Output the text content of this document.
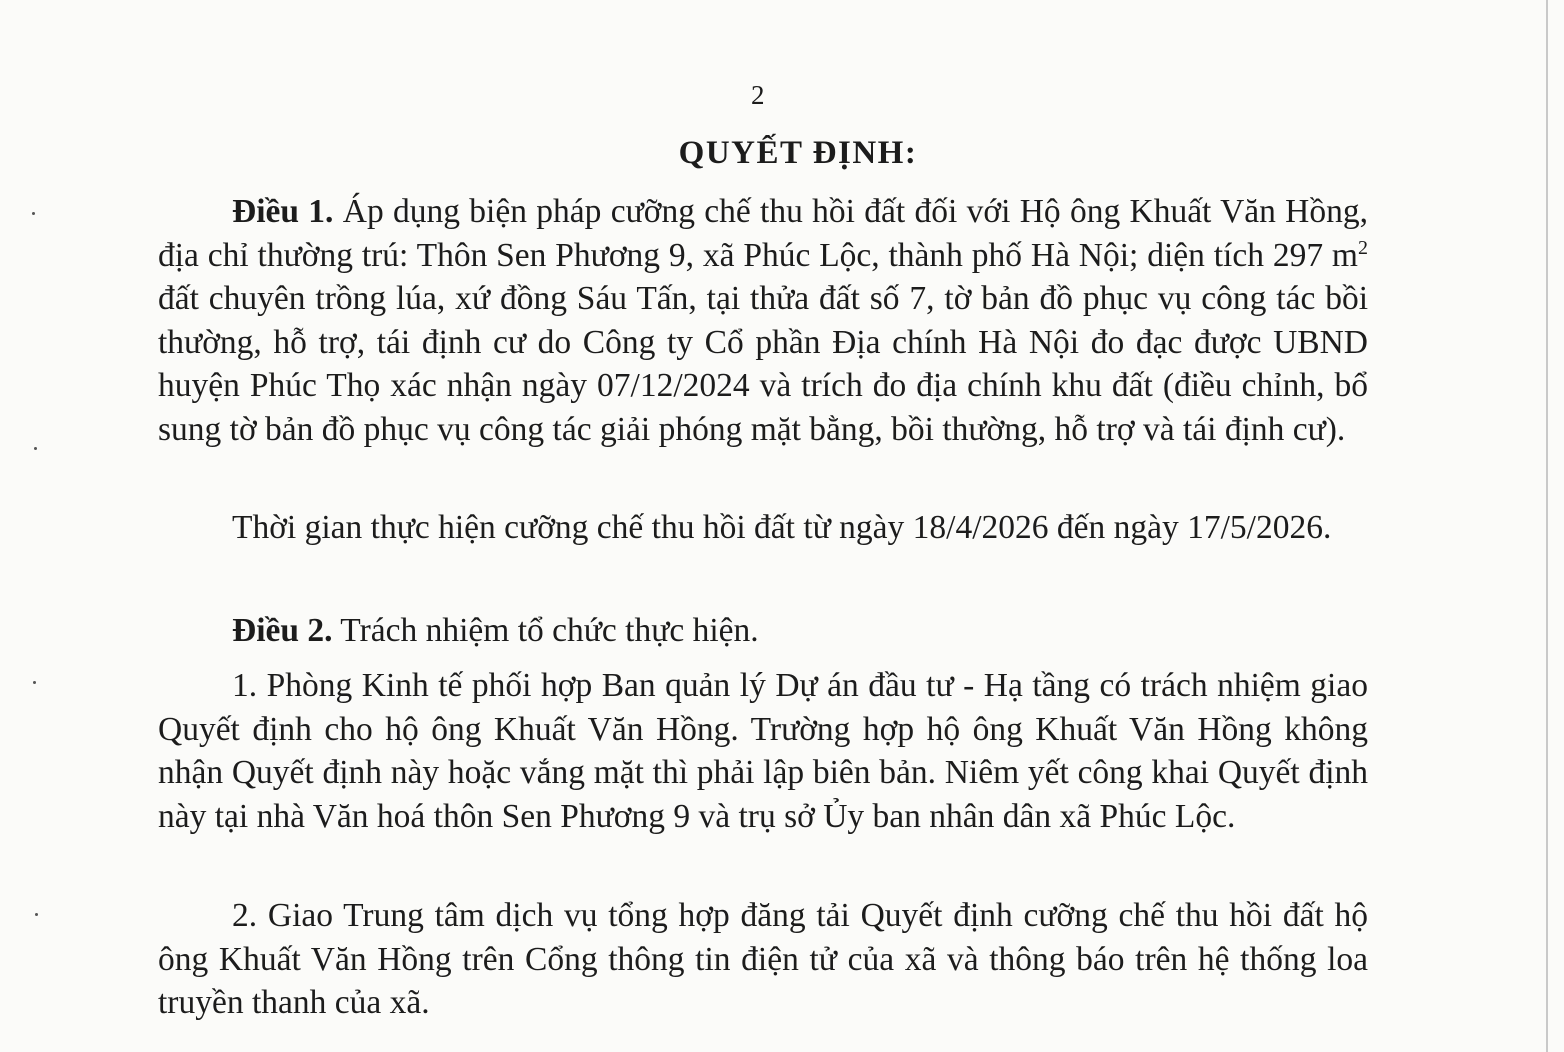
2
QUYẾT ĐỊNH:

Điều 1. Áp dụng biện pháp cưỡng chế thu hồi đất đối với Hộ ông Khuất Văn Hồng, địa chỉ thường trú: Thôn Sen Phương 9, xã Phúc Lộc, thành phố Hà Nội; diện tích 297 $m^2$ đất chuyên trồng lúa, xứ đồng Sáu Tấn, tại thửa đất số 7, tờ bản đồ phục vụ công tác bồi thường, hỗ trợ, tái định cư do Công ty Cổ phần Địa chính Hà Nội đo đạc được UBND huyện Phúc Thọ xác nhận ngày 07/12/2024 và trích đo địa chính khu đất (điều chỉnh, bổ sung tờ bản đồ phục vụ công tác giải phóng mặt bằng, bồi thường, hỗ trợ và tái định cư).

Thời gian thực hiện cưỡng chế thu hồi đất từ ngày 18/4/2026 đến ngày 17/5/2026.

Điều 2. Trách nhiệm tổ chức thực hiện.

1. Phòng Kinh tế phối hợp Ban quản lý Dự án đầu tư - Hạ tầng có trách nhiệm giao Quyết định cho hộ ông Khuất Văn Hồng. Trường hợp hộ ông Khuất Văn Hồng không nhận Quyết định này hoặc vắng mặt thì phải lập biên bản. Niêm yết công khai Quyết định này tại nhà Văn hoá thôn Sen Phương 9 và trụ sở Ủy ban nhân dân xã Phúc Lộc.

2. Giao Trung tâm dịch vụ tổng hợp đăng tải Quyết định cưỡng chế thu hồi đất hộ ông Khuất Văn Hồng trên Cổng thông tin điện tử của xã và thông báo trên hệ thống loa truyền thanh của xã.
